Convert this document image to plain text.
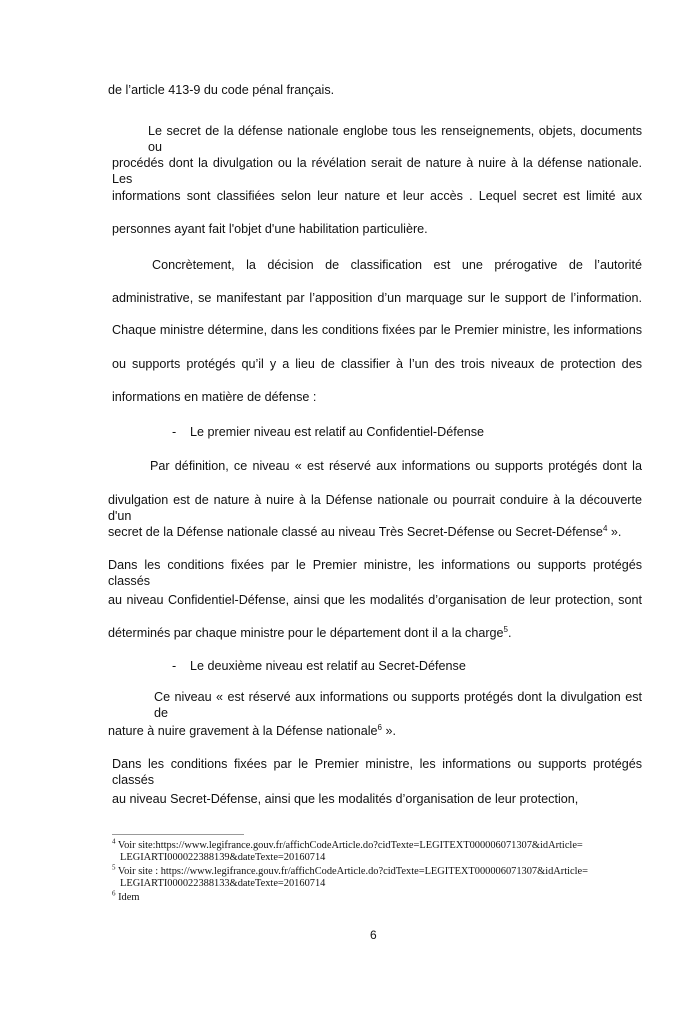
de l’article 413-9 du code pénal français.
Le secret de la défense nationale englobe tous les renseignements, objets, documents ou
procédés dont la divulgation ou la révélation serait de nature à nuire à la défense nationale. Les
informations sont classifiées selon leur nature et leur accès . Lequel secret est limité aux
personnes ayant fait l'objet d'une habilitation particulière.
Concrètement, la décision de classification est une prérogative de l’autorité
administrative, se manifestant par l’apposition d’un marquage sur le support de l’information.
Chaque ministre détermine, dans les conditions fixées par le Premier ministre, les informations
ou supports protégés qu’il y a lieu de classifier à l’un des trois niveaux de protection des
informations en matière de défense :
- Le premier niveau est relatif au Confidentiel-Défense
Par définition, ce niveau « est réservé aux informations ou supports protégés dont la
divulgation est de nature à nuire à la Défense nationale ou pourrait conduire à la découverte d'un
secret de la Défense nationale classé au niveau Très Secret-Défense ou Secret-Défense$^4$ ».
Dans les conditions fixées par le Premier ministre, les informations ou supports protégés classés
au niveau Confidentiel-Défense, ainsi que les modalités d’organisation de leur protection, sont
déterminés par chaque ministre pour le département dont il a la charge$^5$.
- Le deuxième niveau est relatif au Secret-Défense
Ce niveau « est réservé aux informations ou supports protégés dont la divulgation est de
nature à nuire gravement à la Défense nationale$^6$ ».
Dans les conditions fixées par le Premier ministre, les informations ou supports protégés classés
au niveau Secret-Défense, ainsi que les modalités d’organisation de leur protection,
$^4$ Voir site:https://www.legifrance.gouv.fr/affichCodeArticle.do?cidTexte=LEGITEXT000006071307&idArticle=
LEGIARTI000022388139&dateTexte=20160714
$^5$ Voir site : https://www.legifrance.gouv.fr/affichCodeArticle.do?cidTexte=LEGITEXT000006071307&idArticle=
LEGIARTI000022388133&dateTexte=20160714
$^6$ Idem
6
